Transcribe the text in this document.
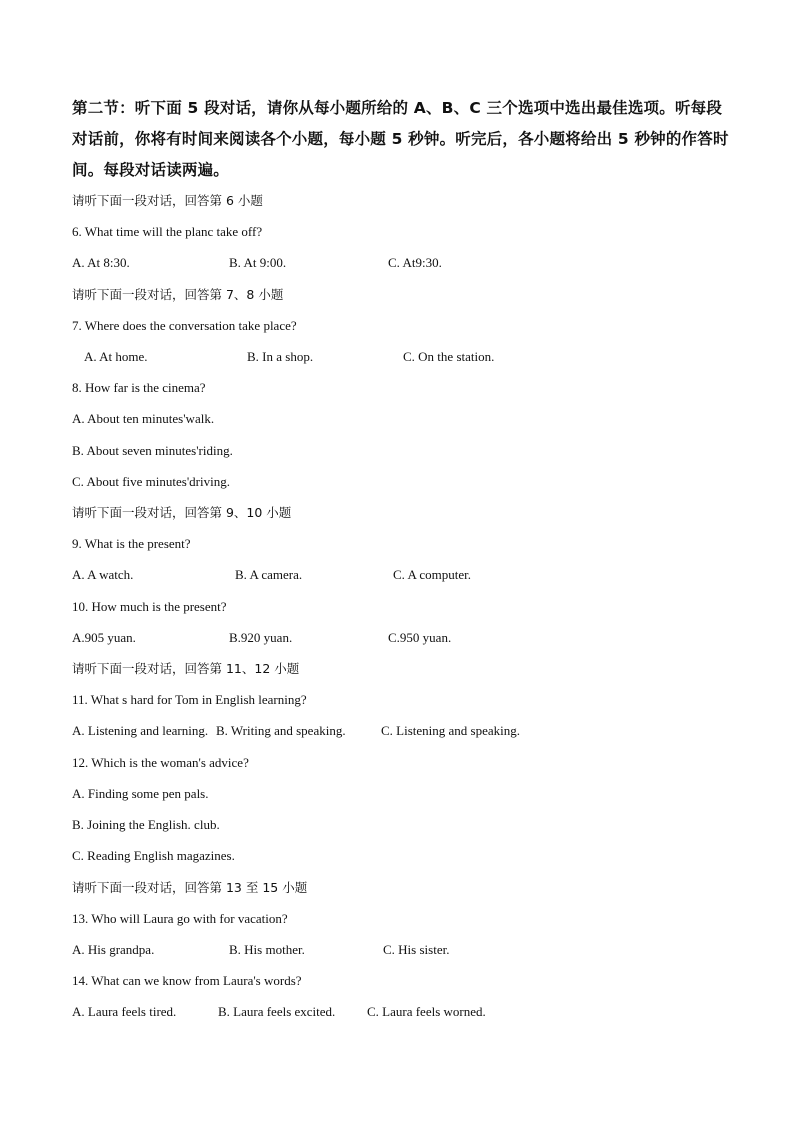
第二节：听下面 5 段对话，请你从每小题所给的 A、B、C 三个选项中选出最佳选项。听每段对话前，你将有时间来阅读各个小题，每小题 5 秒钟。听完后，各小题将给出 5 秒钟的作答时间。每段对话读两遍。
请听下面一段对话，回答第 6 小题
6. What time will the planc take off?
A. At 8:30.	B. At 9:00.	C. At9:30.
请听下面一段对话，回答第 7、8 小题
7. Where does the conversation take place?
A. At home.	B. In a shop.	C. On the station.
8. How far is the cinema?
A. About ten minutes'walk.
B. About seven minutes'riding.
C. About five minutes'driving.
请听下面一段对话，回答第 9、10 小题
9. What is the present?
A. A watch.	B. A camera.	C. A computer.
10. How much is the present?
A.905 yuan.	B.920 yuan.	C.950 yuan.
请听下面一段对话，回答第 11、12 小题
11. What s hard for Tom in English learning?
A. Listening and learning. B. Writing and speaking.	C. Listening and speaking.
12. Which is the woman's advice?
A. Finding some pen pals.
B. Joining the English. club.
C. Reading English magazines.
请听下面一段对话，回答第 13 至 15 小题
13. Who will Laura go with for vacation?
A. His grandpa.	B. His mother.	C. His sister.
14. What can we know from Laura's words?
A. Laura feels tired.	B. Laura feels excited. C. Laura feels worned.
